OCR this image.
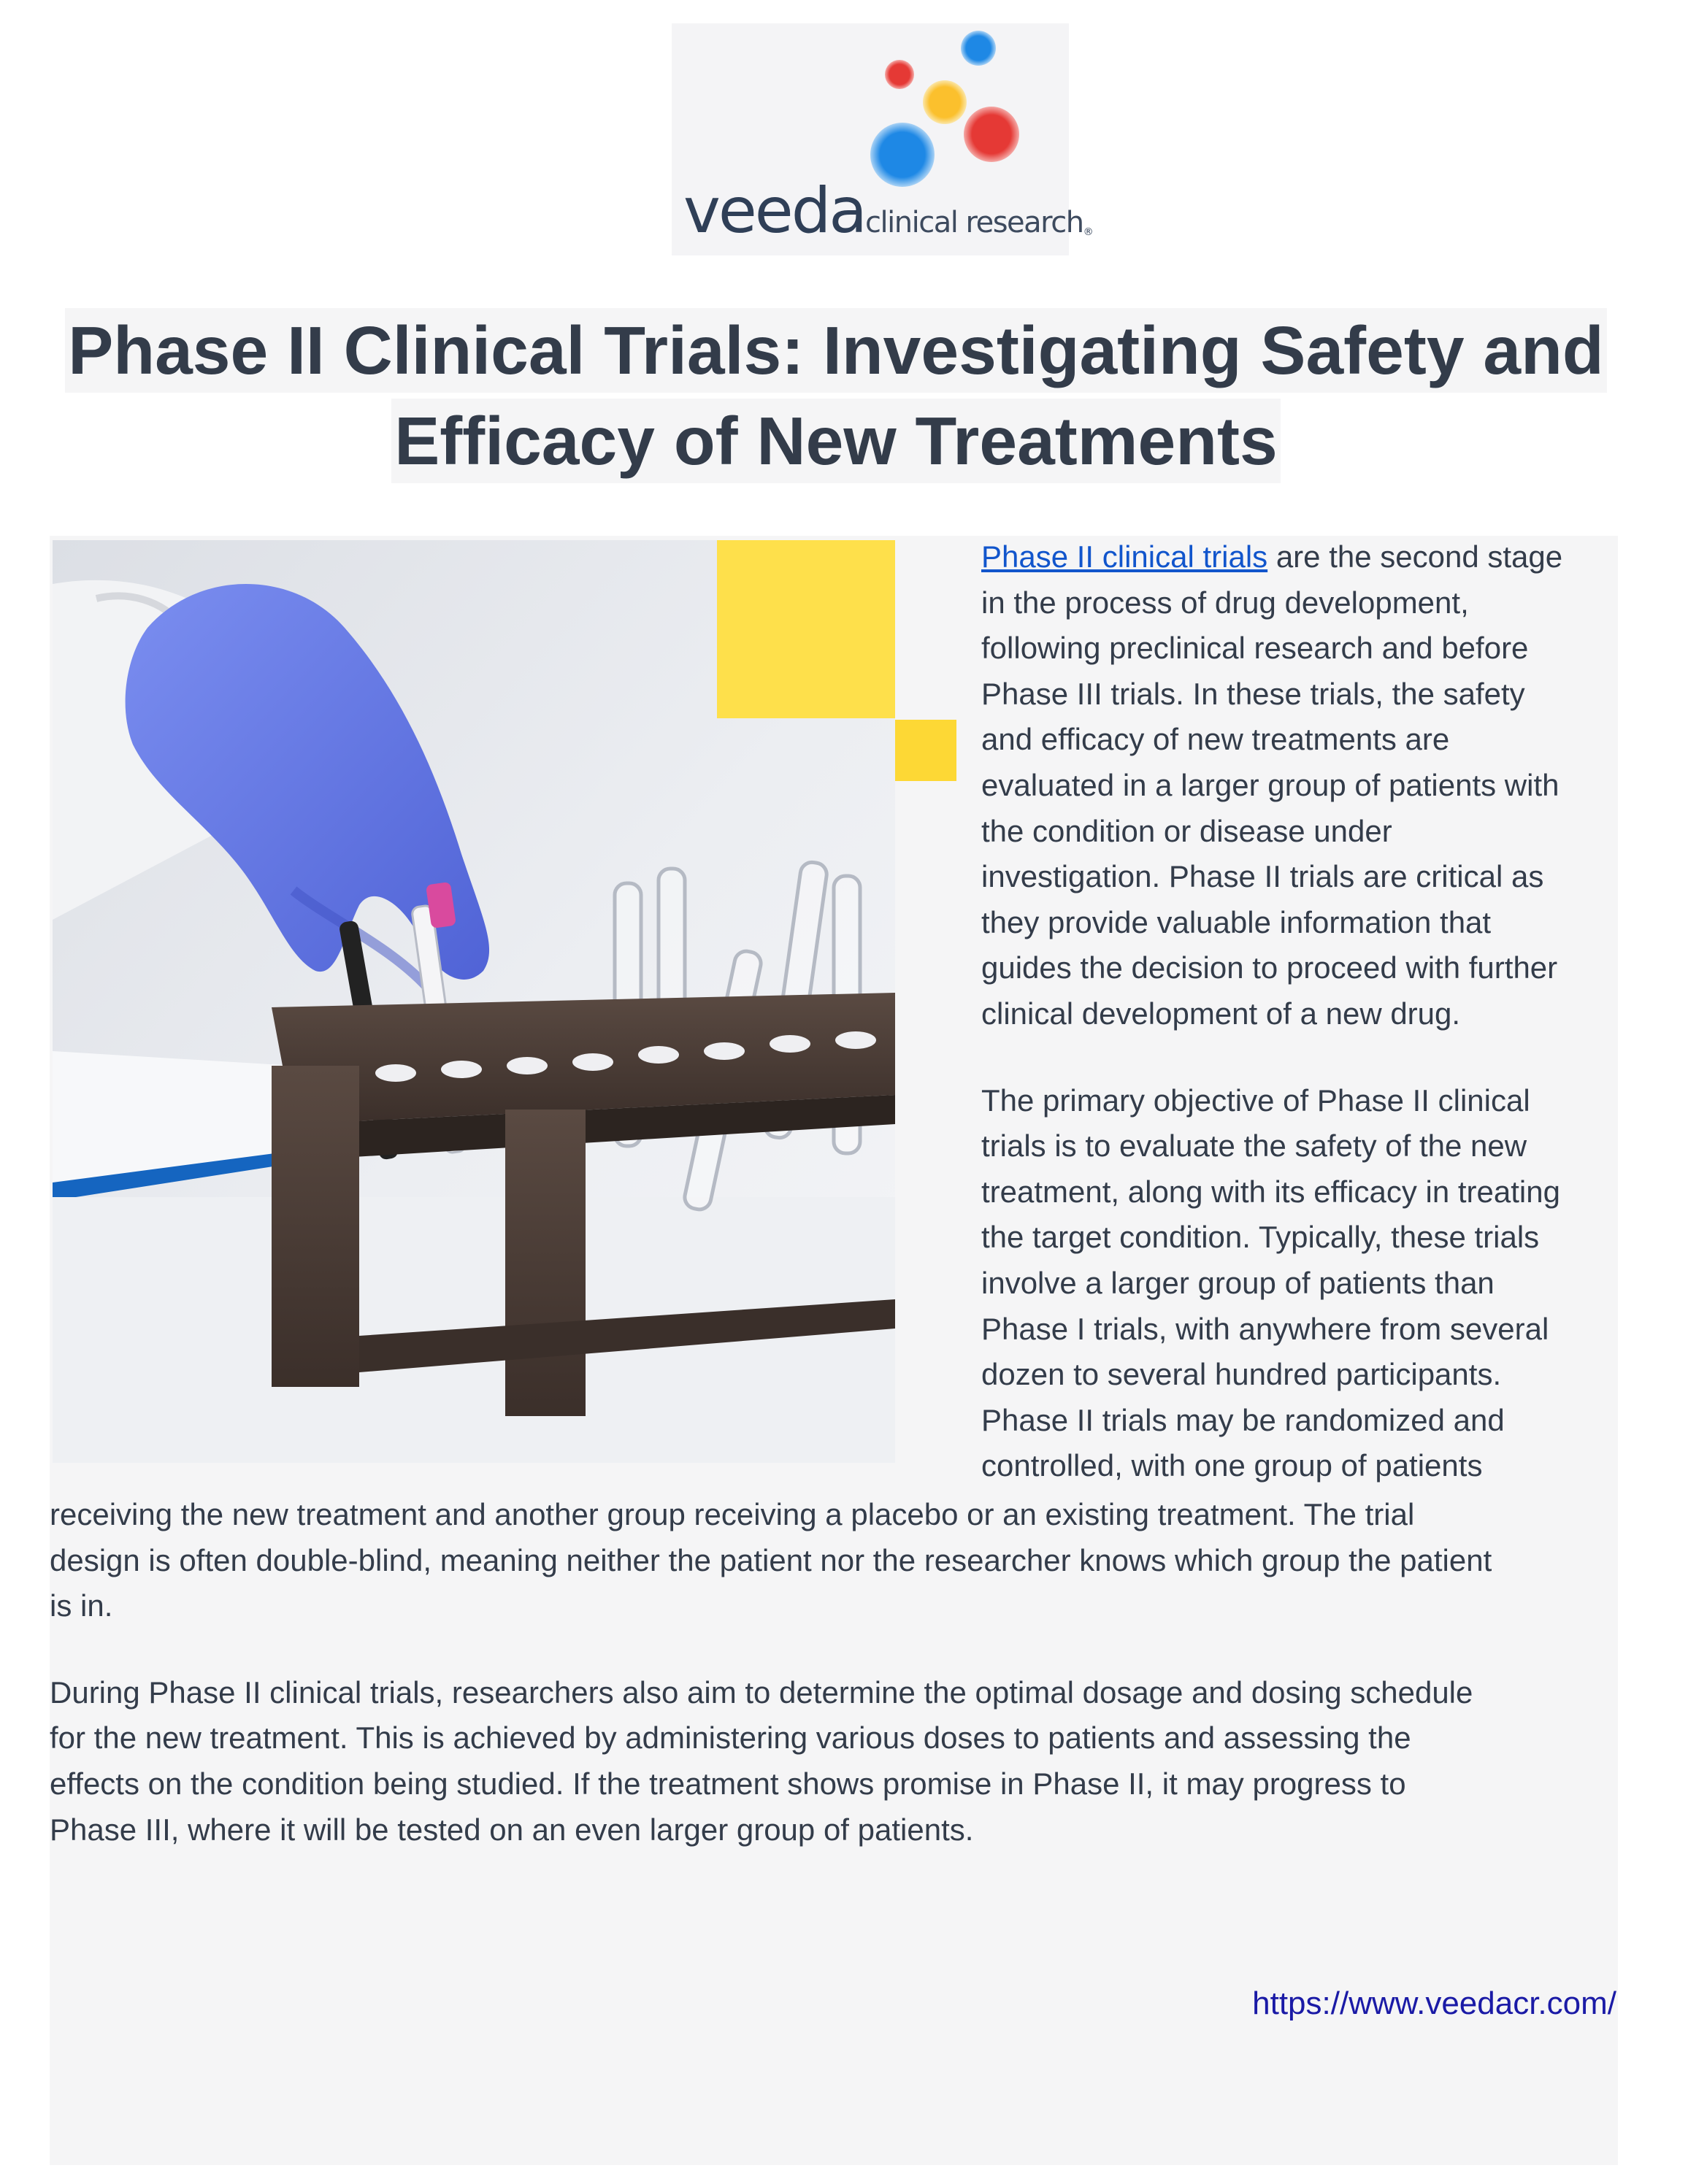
veedaclinical research®
Phase II Clinical Trials: Investigating Safety and
Efficacy of New Treatments

Phase II clinical trials are the second stage
in the process of drug development,
following preclinical research and before
Phase III trials. In these trials, the safety
and efficacy of new treatments are
evaluated in a larger group of patients with
the condition or disease under
investigation. Phase II trials are critical as
they provide valuable information that
guides the decision to proceed with further
clinical development of a new drug.

The primary objective of Phase II clinical
trials is to evaluate the safety of the new
treatment, along with its efficacy in treating
the target condition. Typically, these trials
involve a larger group of patients than
Phase I trials, with anywhere from several
dozen to several hundred participants.
Phase II trials may be randomized and
controlled, with one group of patients

receiving the new treatment and another group receiving a placebo or an existing treatment. The trial
design is often double-blind, meaning neither the patient nor the researcher knows which group the patient
is in.

During Phase II clinical trials, researchers also aim to determine the optimal dosage and dosing schedule
for the new treatment. This is achieved by administering various doses to patients and assessing the
effects on the condition being studied. If the treatment shows promise in Phase II, it may progress to
Phase III, where it will be tested on an even larger group of patients.

https://www.veedacr.com/
